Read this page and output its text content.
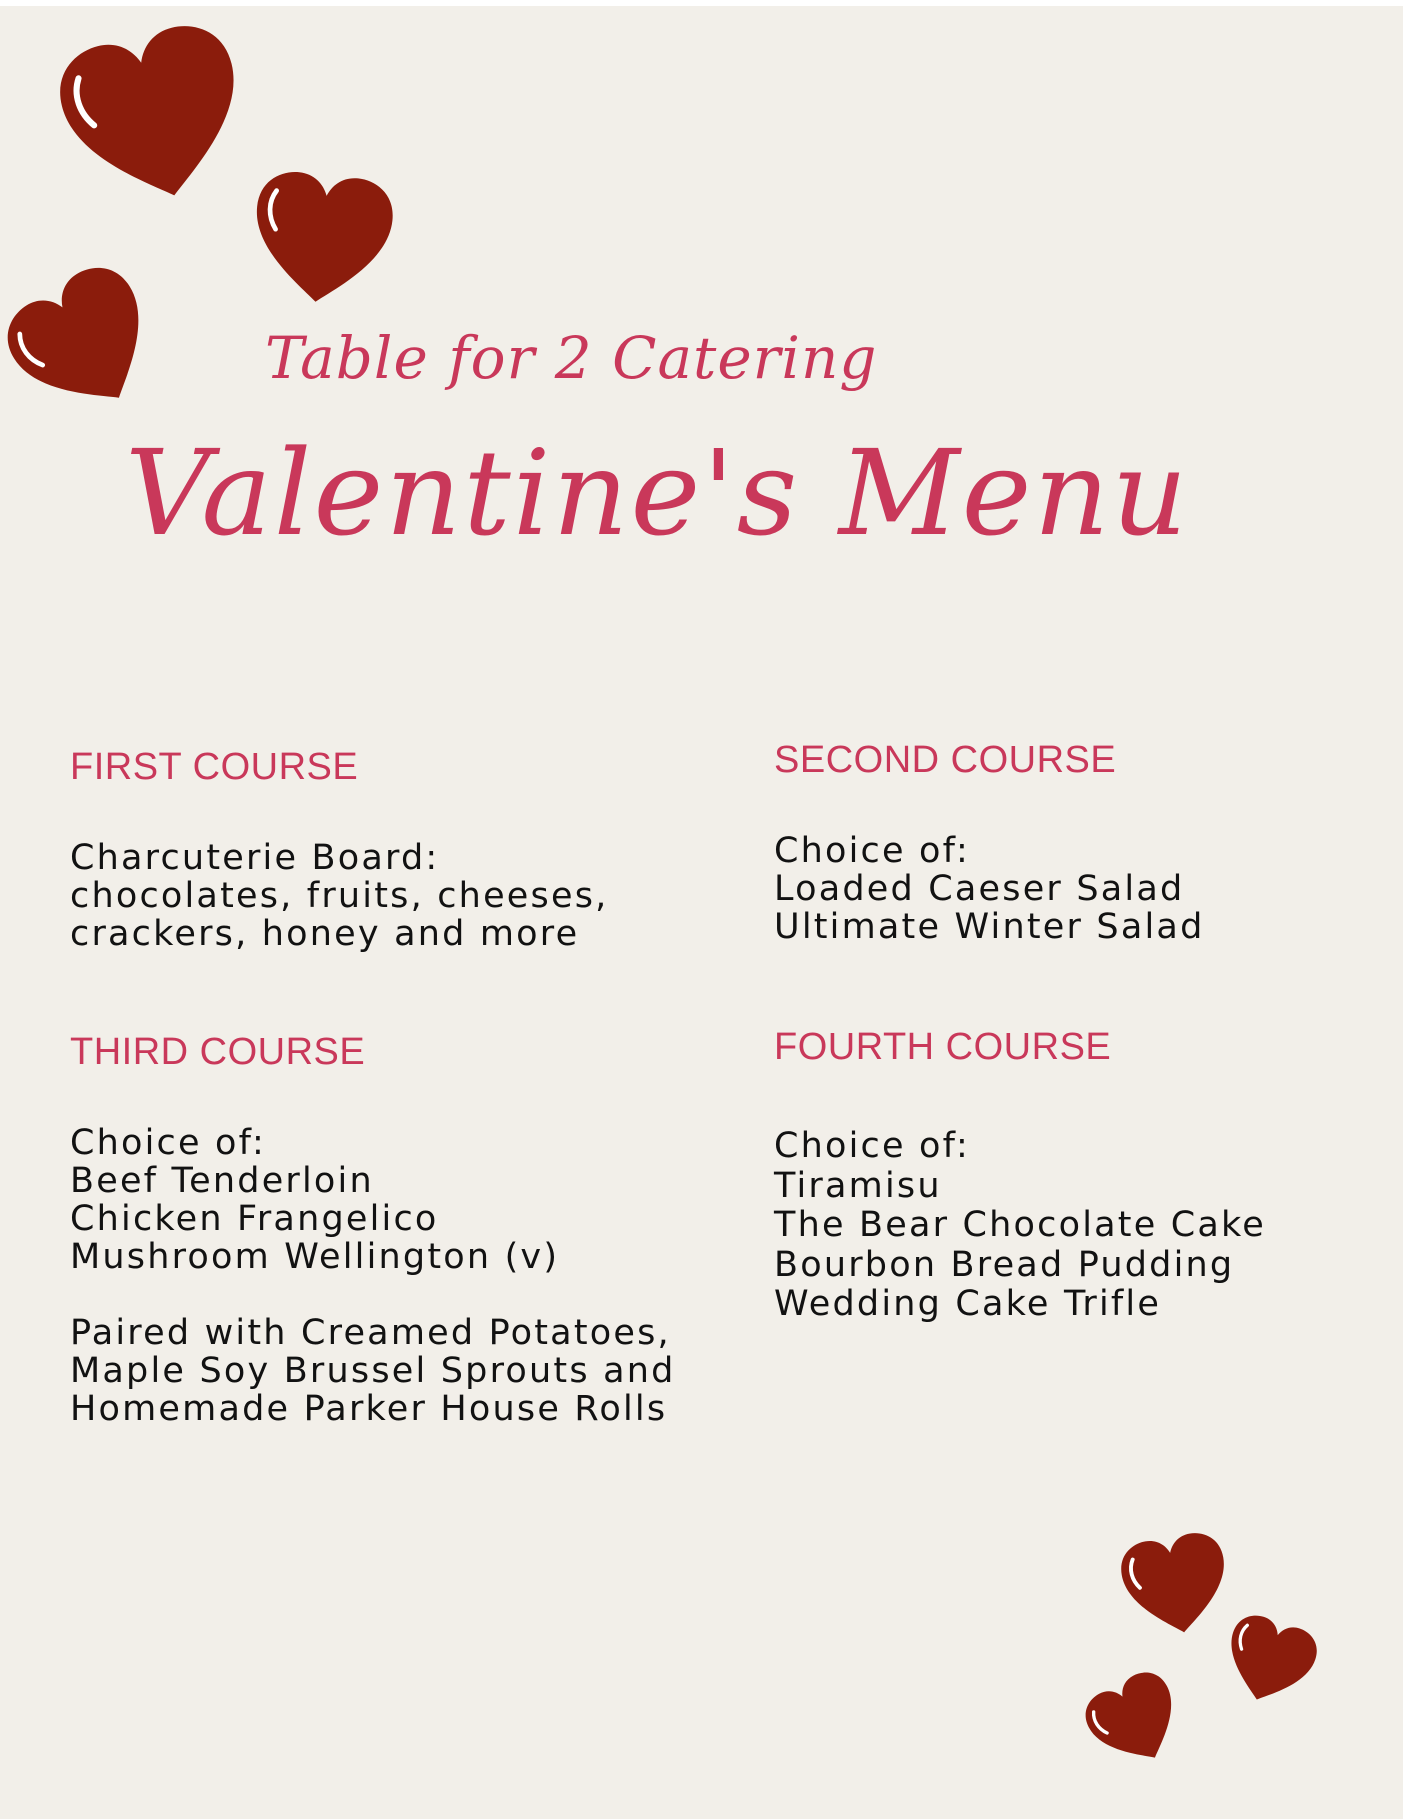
Table for 2 Catering
Valentine's Menu
FIRST COURSE
Charcuterie Board:
chocolates, fruits, cheeses,
crackers, honey and more
SECOND COURSE
Choice of:
Loaded Caeser Salad
Ultimate Winter Salad
THIRD COURSE
Choice of:
Beef Tenderloin
Chicken Frangelico
Mushroom Wellington (v)
Paired with Creamed Potatoes,
Maple Soy Brussel Sprouts and
Homemade Parker House Rolls
FOURTH COURSE
Choice of:
Tiramisu
The Bear Chocolate Cake
Bourbon Bread Pudding
Wedding Cake Trifle
